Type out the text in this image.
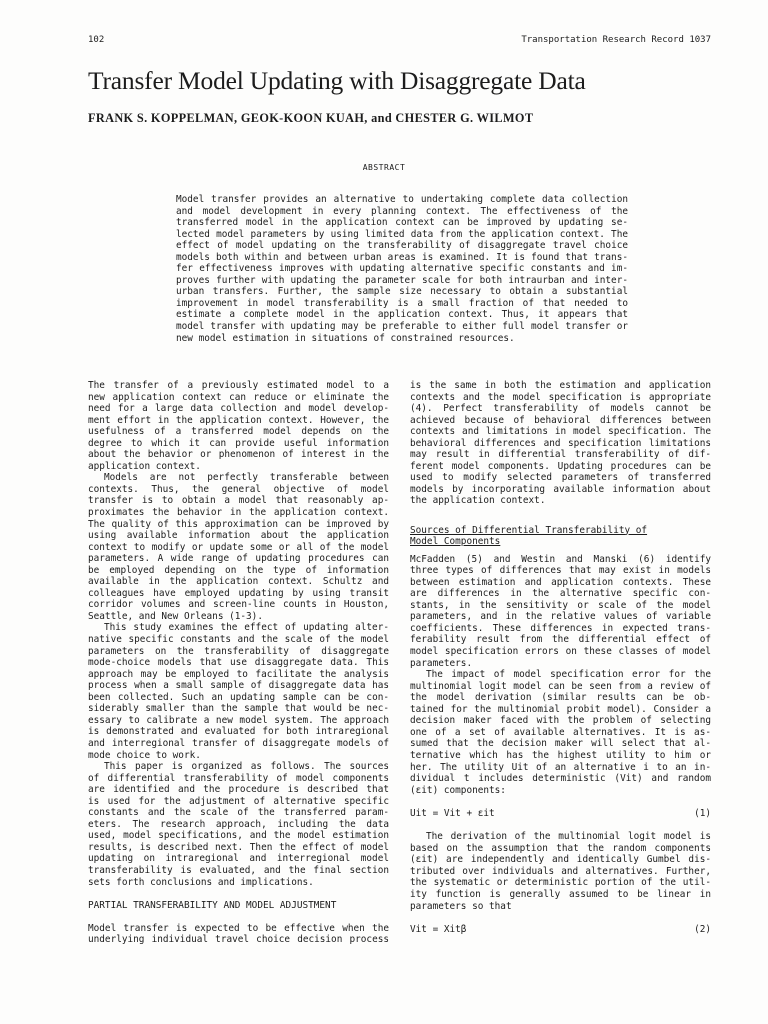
102	Transportation Research Record 1037
Transfer Model Updating with Disaggregate Data
FRANK S. KOPPELMAN, GEOK-KOON KUAH, and CHESTER G. WILMOT
ABSTRACT
Model transfer provides an alternative to undertaking complete data collection
and model development in every planning context. The effectiveness of the
transferred model in the application context can be improved by updating se-
lected model parameters by using limited data from the application context. The
effect of model updating on the transferability of disaggregate travel choice
models both within and between urban areas is examined. It is found that trans-
fer effectiveness improves with updating alternative specific constants and im-
proves further with updating the parameter scale for both intraurban and inter-
urban transfers. Further, the sample size necessary to obtain a substantial
improvement in model transferability is a small fraction of that needed to
estimate a complete model in the application context. Thus, it appears that
model transfer with updating may be preferable to either full model transfer or
new model estimation in situations of constrained resources.
The transfer of a previously estimated model to a
new application context can reduce or eliminate the
need for a large data collection and model develop-
ment effort in the application context. However, the
usefulness of a transferred model depends on the
degree to which it can provide useful information
about the behavior or phenomenon of interest in the
application context.
Models are not perfectly transferable between
contexts. Thus, the general objective of model
transfer is to obtain a model that reasonably ap-
proximates the behavior in the application context.
The quality of this approximation can be improved by
using available information about the application
context to modify or update some or all of the model
parameters. A wide range of updating procedures can
be employed depending on the type of information
available in the application context. Schultz and
colleagues have employed updating by using transit
corridor volumes and screen-line counts in Houston,
Seattle, and New Orleans (1-3).
This study examines the effect of updating alter-
native specific constants and the scale of the model
parameters on the transferability of disaggregate
mode-choice models that use disaggregate data. This
approach may be employed to facilitate the analysis
process when a small sample of disaggregate data has
been collected. Such an updating sample can be con-
siderably smaller than the sample that would be nec-
essary to calibrate a new model system. The approach
is demonstrated and evaluated for both intraregional
and interregional transfer of disaggregate models of
mode choice to work.
This paper is organized as follows. The sources
of differential transferability of model components
are identified and the procedure is described that
is used for the adjustment of alternative specific
constants and the scale of the transferred param-
eters. The research approach, including the data
used, model specifications, and the model estimation
results, is described next. Then the effect of model
updating on intraregional and interregional model
transferability is evaluated, and the final section
sets forth conclusions and implications.
PARTIAL TRANSFERABILITY AND MODEL ADJUSTMENT
Model transfer is expected to be effective when the
underlying individual travel choice decision process
is the same in both the estimation and application
contexts and the model specification is appropriate
(4). Perfect transferability of models cannot be
achieved because of behavioral differences between
contexts and limitations in model specification. The
behavioral differences and specification limitations
may result in differential transferability of dif-
ferent model components. Updating procedures can be
used to modify selected parameters of transferred
models by incorporating available information about
the application context.
Sources of Differential Transferability of
Model Components
McFadden (5) and Westin and Manski (6) identify
three types of differences that may exist in models
between estimation and application contexts. These
are differences in the alternative specific con-
stants, in the sensitivity or scale of the model
parameters, and in the relative values of variable
coefficients. These differences in expected trans-
ferability result from the differential effect of
model specification errors on these classes of model
parameters.
The impact of model specification error for the
multinomial logit model can be seen from a review of
the model derivation (similar results can be ob-
tained for the multinomial probit model). Consider a
decision maker faced with the problem of selecting
one of a set of available alternatives. It is as-
sumed that the decision maker will select that al-
ternative which has the highest utility to him or
her. The utility Uit of an alternative i to an in-
dividual t includes deterministic (Vit) and random
(εit) components:
Uit = Vit + εit	(1)
The derivation of the multinomial logit model is
based on the assumption that the random components
(εit) are independently and identically Gumbel dis-
tributed over individuals and alternatives. Further,
the systematic or deterministic portion of the util-
ity function is generally assumed to be linear in
parameters so that
Vit = Xitβ	(2)
